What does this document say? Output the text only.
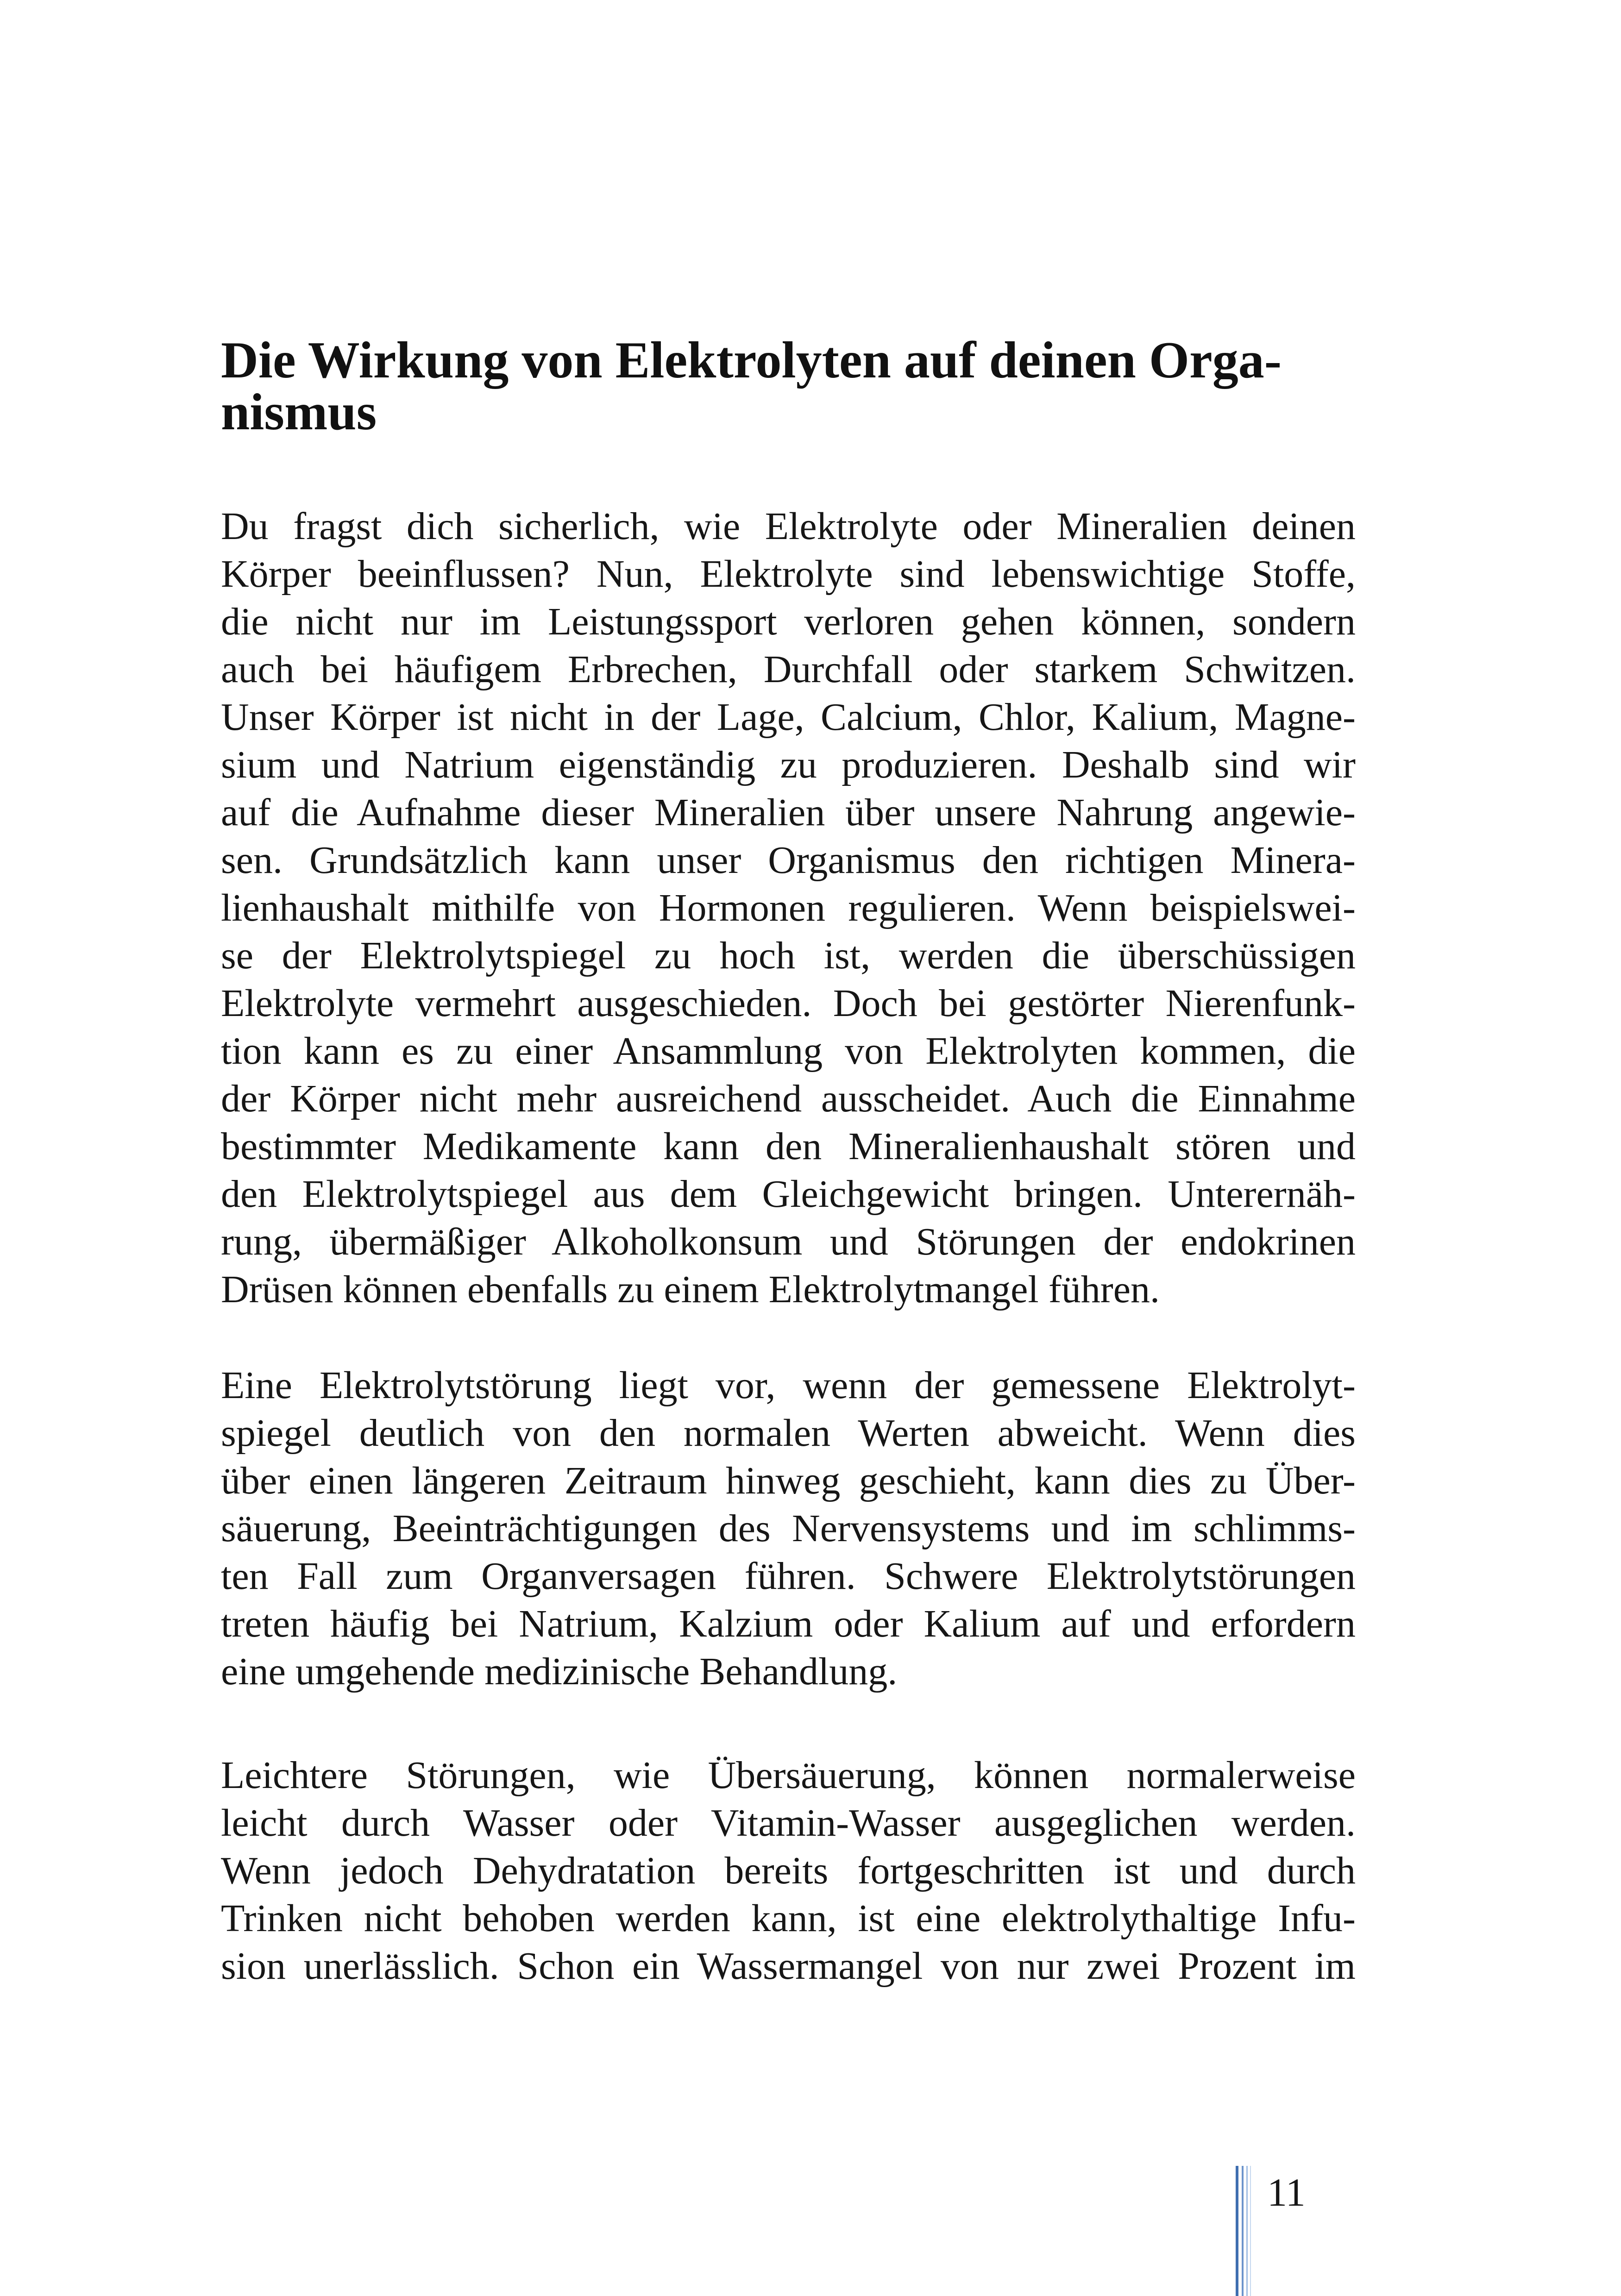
Die Wirkung von Elektrolyten auf deinen Orga-
nismus
Du fragst dich sicherlich, wie Elektrolyte oder Mineralien deinen
Körper beeinflussen? Nun, Elektrolyte sind lebenswichtige Stoffe,
die nicht nur im Leistungssport verloren gehen können, sondern
auch bei häufigem Erbrechen, Durchfall oder starkem Schwitzen.
Unser Körper ist nicht in der Lage, Calcium, Chlor, Kalium, Magne-
sium und Natrium eigenständig zu produzieren. Deshalb sind wir
auf die Aufnahme dieser Mineralien über unsere Nahrung angewie-
sen. Grundsätzlich kann unser Organismus den richtigen Minera-
lienhaushalt mithilfe von Hormonen regulieren. Wenn beispielswei-
se der Elektrolytspiegel zu hoch ist, werden die überschüssigen
Elektrolyte vermehrt ausgeschieden. Doch bei gestörter Nierenfunk-
tion kann es zu einer Ansammlung von Elektrolyten kommen, die
der Körper nicht mehr ausreichend ausscheidet. Auch die Einnahme
bestimmter Medikamente kann den Mineralienhaushalt stören und
den Elektrolytspiegel aus dem Gleichgewicht bringen. Unterernäh-
rung, übermäßiger Alkoholkonsum und Störungen der endokrinen
Drüsen können ebenfalls zu einem Elektrolytmangel führen.
Eine Elektrolytstörung liegt vor, wenn der gemessene Elektrolyt-
spiegel deutlich von den normalen Werten abweicht. Wenn dies
über einen längeren Zeitraum hinweg geschieht, kann dies zu Über-
säuerung, Beeinträchtigungen des Nervensystems und im schlimms-
ten Fall zum Organversagen führen. Schwere Elektrolytstörungen
treten häufig bei Natrium, Kalzium oder Kalium auf und erfordern
eine umgehende medizinische Behandlung.
Leichtere Störungen, wie Übersäuerung, können normalerweise
leicht durch Wasser oder Vitamin-Wasser ausgeglichen werden.
Wenn jedoch Dehydratation bereits fortgeschritten ist und durch
Trinken nicht behoben werden kann, ist eine elektrolythaltige Infu-
sion unerlässlich. Schon ein Wassermangel von nur zwei Prozent im
11
